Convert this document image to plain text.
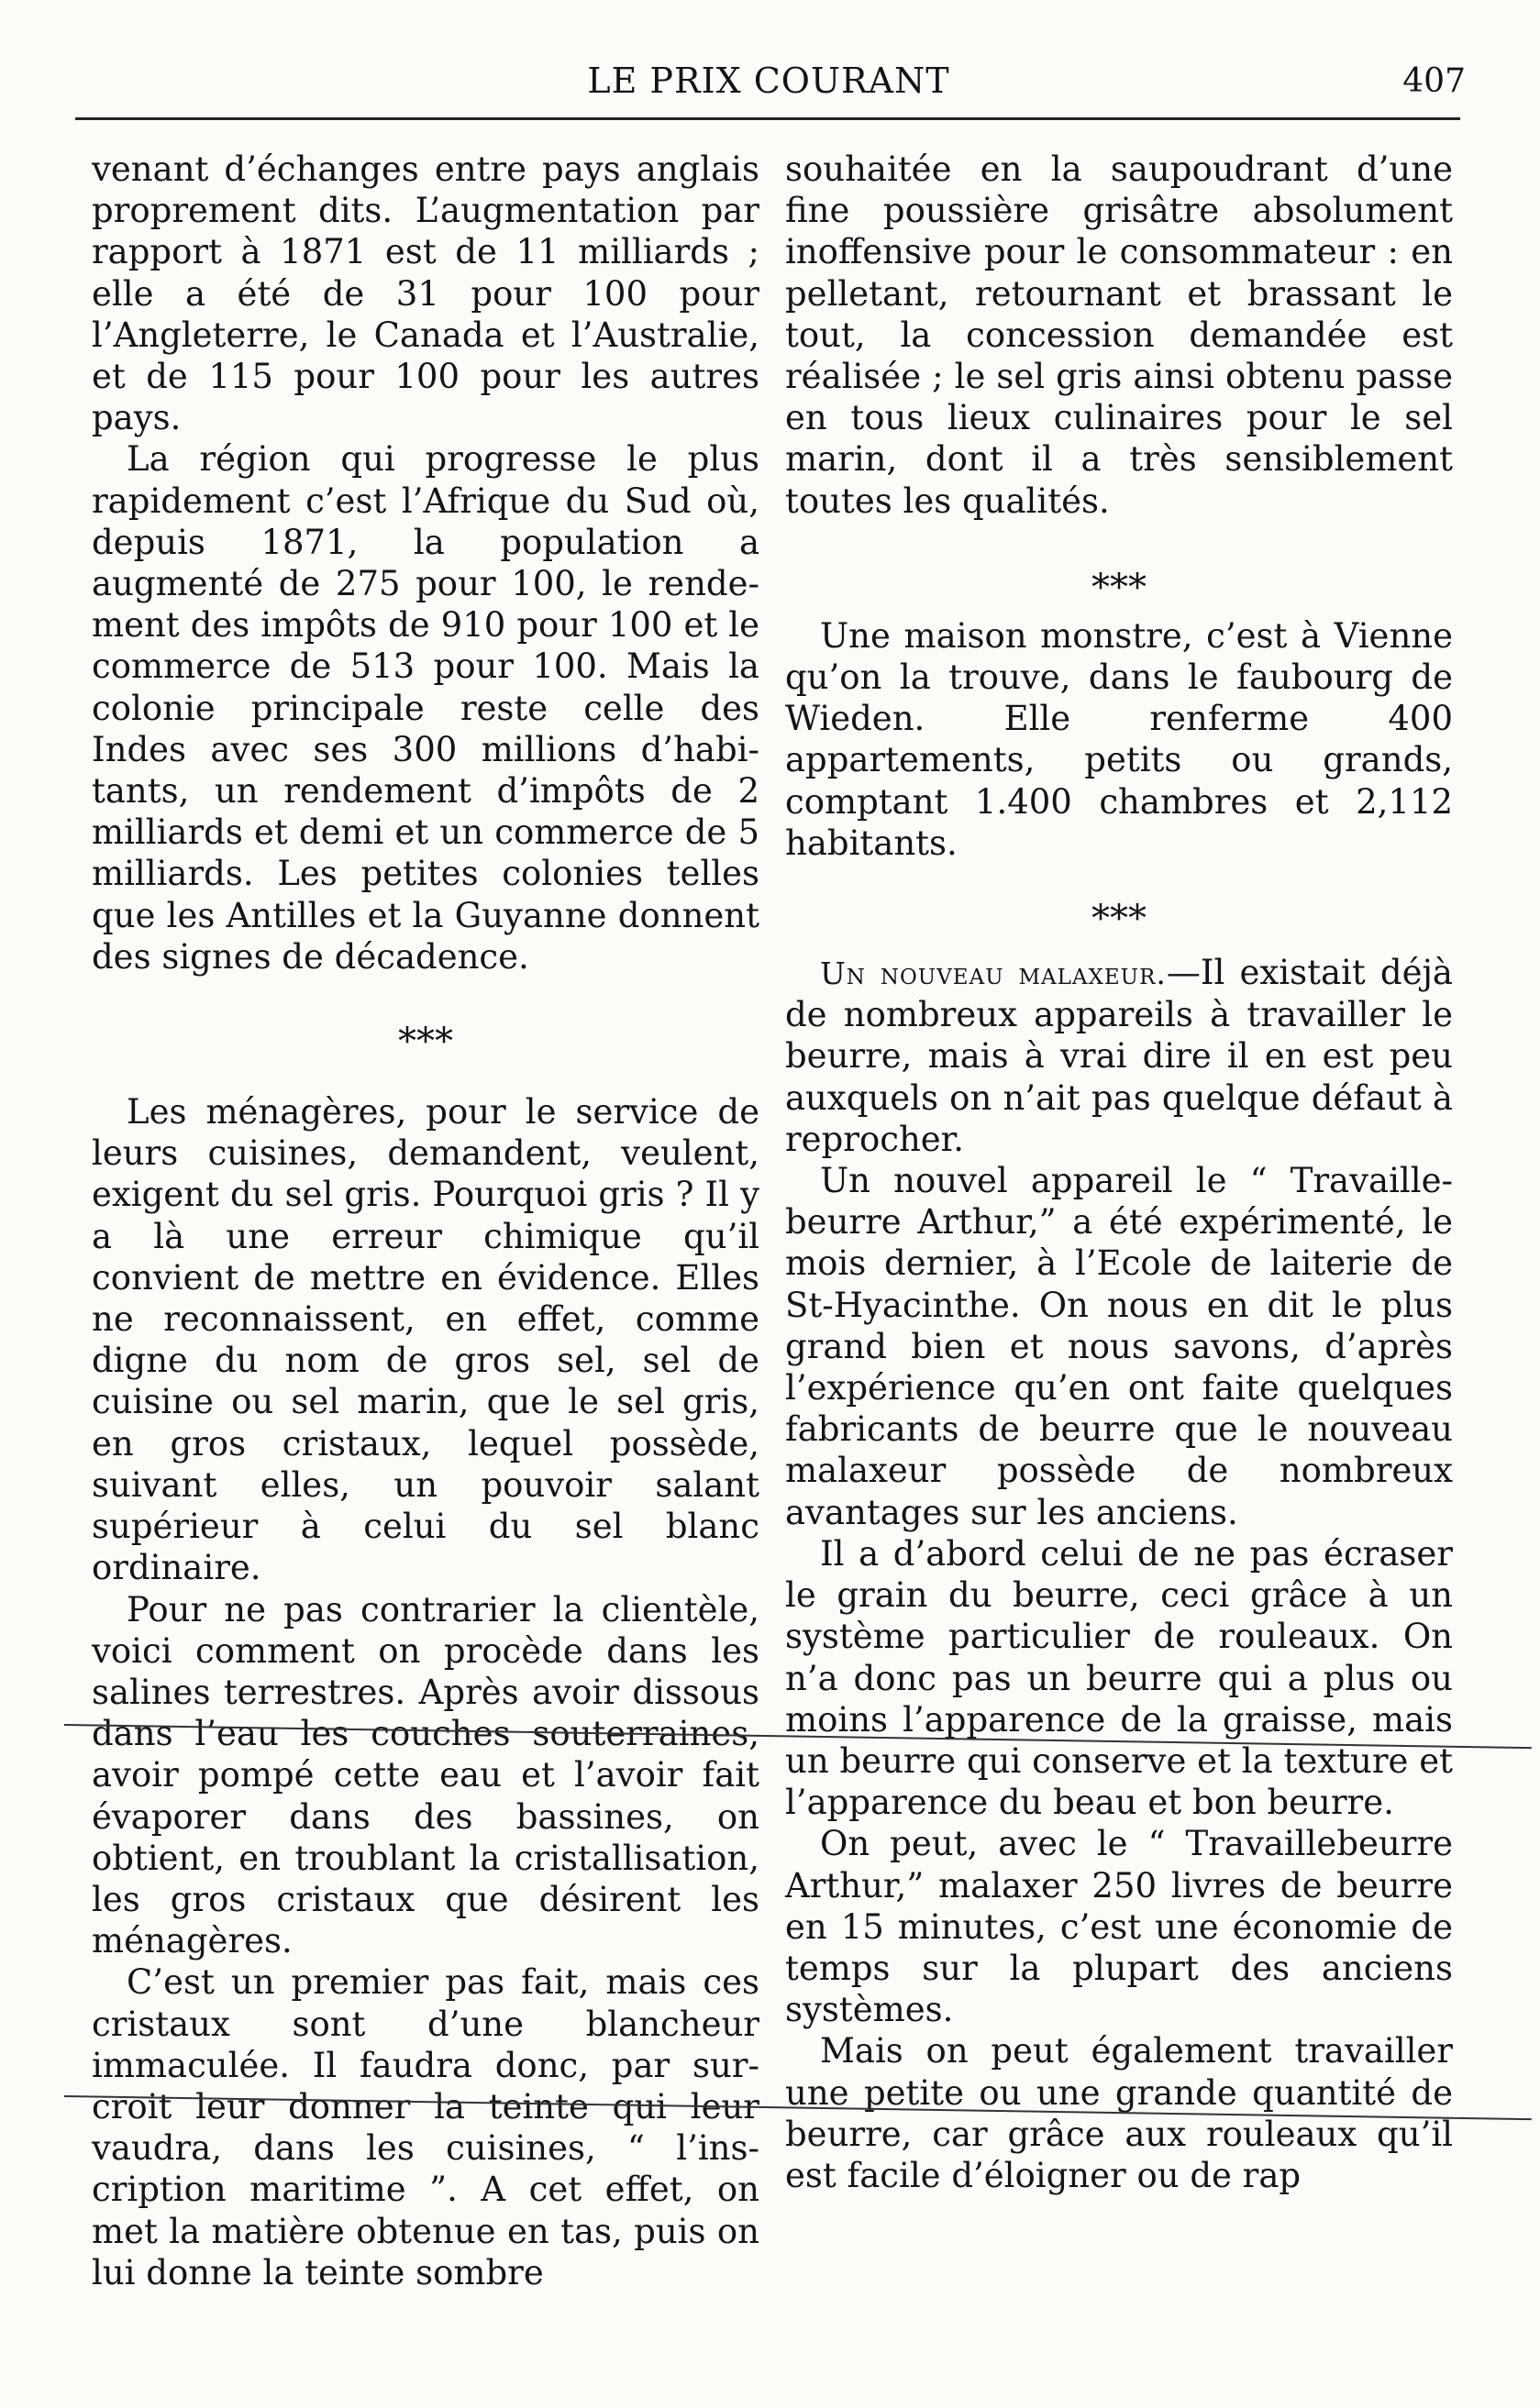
LE PRIX COURANT	407

venant d’échanges entre pays anglais proprement dits. L’augmentation par rapport à 1871 est de 11 milliards ; elle a été de 31 pour 100 pour l’Angleterre, le Canada et l’Australie, et de 115 pour 100 pour les autres pays.

La région qui progresse le plus rapidement c’est l’Afrique du Sud où, depuis 1871, la population a augmenté de 275 pour 100, le rendement des impôts de 910 pour 100 et le commerce de 513 pour 100. Mais la colonie principale reste celle des Indes avec ses 300 millions d’habitants, un rendement d’impôts de 2 milliards et demi et un commerce de 5 milliards. Les petites colonies telles que les Antilles et la Guyanne donnent des signes de décadence.

***

Les ménagères, pour le service de leurs cuisines, demandent, veulent, exigent du sel gris. Pourquoi gris ? Il y a là une erreur chimique qu’il convient de mettre en évidence. Elles ne reconnaissent, en effet, comme digne du nom de gros sel, sel de cuisine ou sel marin, que le sel gris, en gros cristaux, lequel possède, suivant elles, un pouvoir salant supérieur à celui du sel blanc ordinaire.

Pour ne pas contrarier la clientèle, voici comment on procède dans les salines terrestres. Après avoir dissous dans l’eau les couches souterraines, avoir pompé cette eau et l’avoir fait évaporer dans des bassines, on obtient, en troublant la cristallisation, les gros cristaux que désirent les ménagères.

C’est un premier pas fait, mais ces cristaux sont d’une blancheur immaculée. Il faudra donc, par surcroit leur donner la teinte qui leur vaudra, dans les cuisines, “ l’inscription maritime ”. A cet effet, on met la matière obtenue en tas, puis on lui donne la teinte sombre

souhaitée en la saupoudrant d’une fine poussière grisâtre absolument inoffensive pour le consommateur : en pelletant, retournant et brassant le tout, la concession demandée est réalisée ; le sel gris ainsi obtenu passe en tous lieux culinaires pour le sel marin, dont il a très sensiblement toutes les qualités.

***

Une maison monstre, c’est à Vienne qu’on la trouve, dans le faubourg de Wieden. Elle renferme 400 appartements, petits ou grands, comptant 1.400 chambres et 2,112 habitants.

***

Un nouveau malaxeur.—Il existait déjà de nombreux appareils à travailler le beurre, mais à vrai dire il en est peu auxquels on n’ait pas quelque défaut à reprocher.

Un nouvel appareil le “ Travaillebeurre Arthur,” a été expérimenté, le mois dernier, à l’Ecole de laiterie de St-Hyacinthe. On nous en dit le plus grand bien et nous savons, d’après l’expérience qu’en ont faite quelques fabricants de beurre que le nouveau malaxeur possède de nombreux avantages sur les anciens.

Il a d’abord celui de ne pas écraser le grain du beurre, ceci grâce à un système particulier de rouleaux. On n’a donc pas un beurre qui a plus ou moins l’apparence de la graisse, mais un beurre qui conserve et la texture et l’apparence du beau et bon beurre.

On peut, avec le “ Travaillebeurre Arthur,” malaxer 250 livres de beurre en 15 minutes, c’est une économie de temps sur la plupart des anciens systèmes.

Mais on peut également travailler une petite ou une grande quantité de beurre, car grâce aux rouleaux qu’il est facile d’éloigner ou de rap
